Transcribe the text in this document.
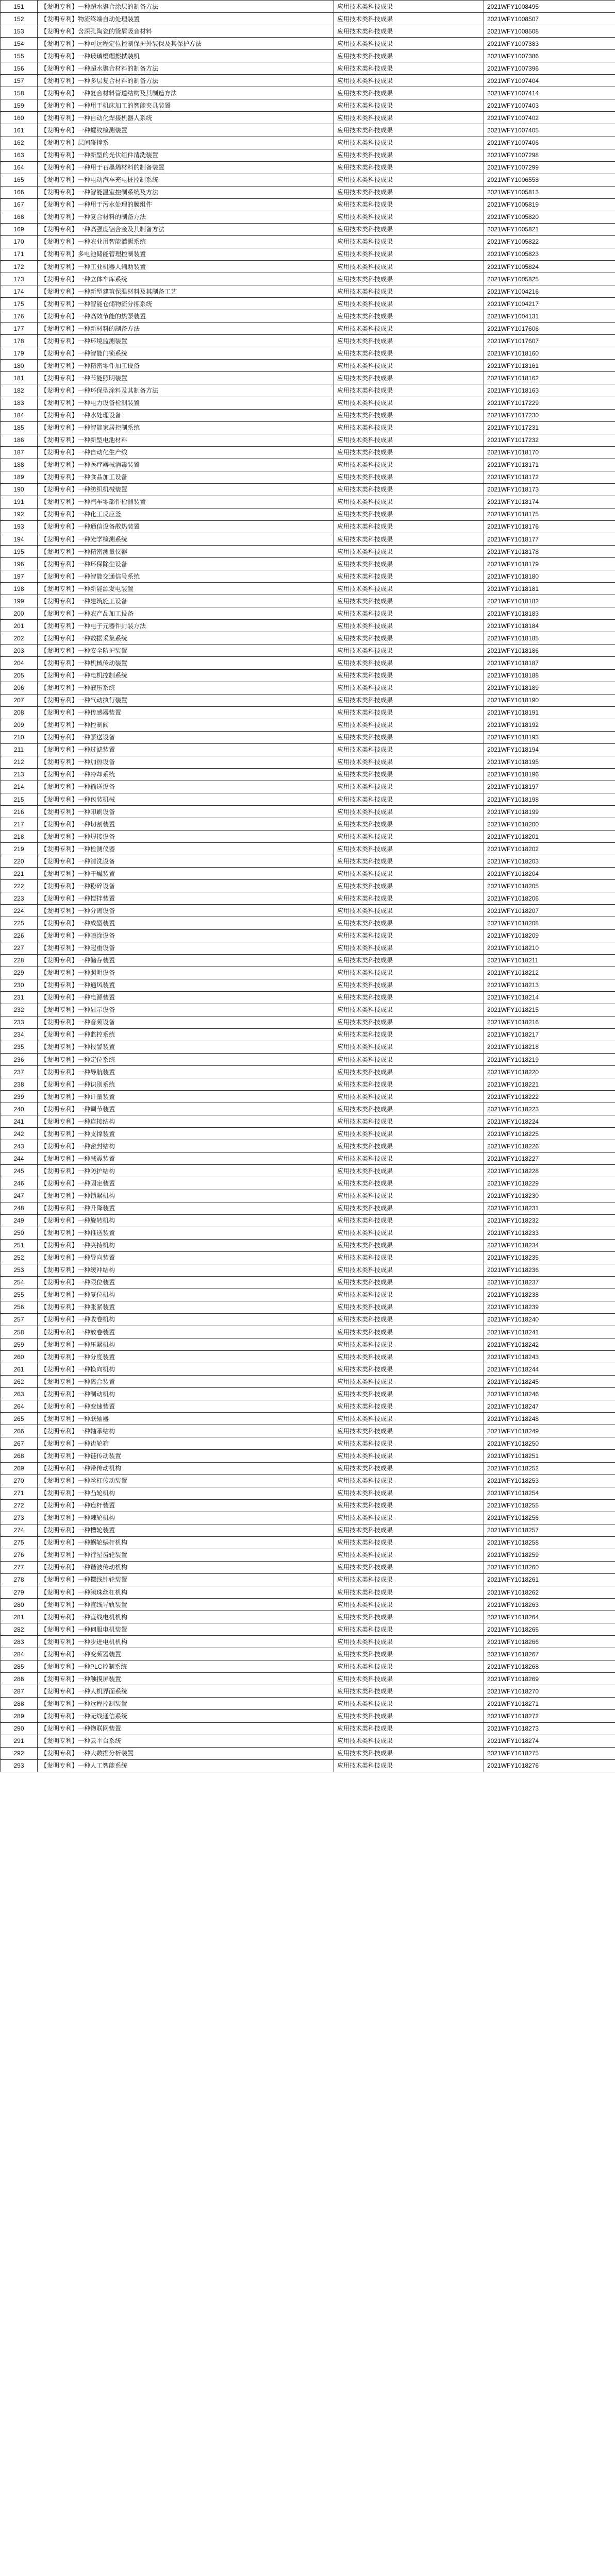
151	【发明专利】一种超水聚合涂层的制备方法	应用技术类科技成果	2021WFY1008495
152	【发明专利】物流终端自动处理装置	应用技术类科技成果	2021WFY1008507
153	【发明专利】含深孔陶瓷的烫屑吸音材料	应用技术类科技成果	2021WFY1008508
154	【发明专利】一种可远程定位控制保护外装保及其保护方法	应用技术类科技成果	2021WFY1007383
155	【发明专利】一种玻璃樱帽擦拭装机	应用技术类科技成果	2021WFY1007386
156	【发明专利】一种超水聚合材料的制备方法	应用技术类科技成果	2021WFY1007396
157	【发明专利】一种多层复合材料的制备方法	应用技术类科技成果	2021WFY1007404
158	【发明专利】一种复合材料管道结构及其制造方法	应用技术类科技成果	2021WFY1007414
159	【发明专利】一种用于机床加工的智能夹具装置	应用技术类科技成果	2021WFY1007403
160	【发明专利】一种自动化焊接机器人系统	应用技术类科技成果	2021WFY1007402
161	【发明专利】一种螺纹检测装置	应用技术类科技成果	2021WFY1007405
162	【发明专利】层间碰撞系	应用技术类科技成果	2021WFY1007406
163	【发明专利】一种新型的光伏组件清洗装置	应用技术类科技成果	2021WFY1007298
164	【发明专利】一种用于石墨烯材料的制备装置	应用技术类科技成果	2021WFY1007299
165	【发明专利】一种电动汽车充电桩控制系统	应用技术类科技成果	2021WFY1006558
166	【发明专利】一种智能温室控制系统及方法	应用技术类科技成果	2021WFY1005813
167	【发明专利】一种用于污水处理的膜组件	应用技术类科技成果	2021WFY1005819
168	【发明专利】一种复合材料的制备方法	应用技术类科技成果	2021WFY1005820
169	【发明专利】一种高强度铝合金及其制备方法	应用技术类科技成果	2021WFY1005821
170	【发明专利】一种农业用智能灌溉系统	应用技术类科技成果	2021WFY1005822
171	【发明专利】多电池储能管理控制装置	应用技术类科技成果	2021WFY1005823
172	【发明专利】一种工业机器人辅助装置	应用技术类科技成果	2021WFY1005824
173	【发明专利】一种立体车库系统	应用技术类科技成果	2021WFY1005825
174	【发明专利】一种新型建筑保温材料及其制备工艺	应用技术类科技成果	2021WFY1004216
175	【发明专利】一种智能仓储物流分拣系统	应用技术类科技成果	2021WFY1004217
176	【发明专利】一种高效节能的热泵装置	应用技术类科技成果	2021WFY1004131
177	【发明专利】一种新材料的制备方法	应用技术类科技成果	2021WFY1017606
178	【发明专利】一种环境监测装置	应用技术类科技成果	2021WFY1017607
179	【发明专利】一种智能门锁系统	应用技术类科技成果	2021WFY1018160
180	【发明专利】一种精密零件加工设备	应用技术类科技成果	2021WFY1018161
181	【发明专利】一种节能照明装置	应用技术类科技成果	2021WFY1018162
182	【发明专利】一种环保型涂料及其制备方法	应用技术类科技成果	2021WFY1018163
183	【发明专利】一种电力设备检测装置	应用技术类科技成果	2021WFY1017229
184	【发明专利】一种水处理设备	应用技术类科技成果	2021WFY1017230
185	【发明专利】一种智能家居控制系统	应用技术类科技成果	2021WFY1017231
186	【发明专利】一种新型电池材料	应用技术类科技成果	2021WFY1017232
187	【发明专利】一种自动化生产线	应用技术类科技成果	2021WFY1018170
188	【发明专利】一种医疗器械消毒装置	应用技术类科技成果	2021WFY1018171
189	【发明专利】一种食品加工设备	应用技术类科技成果	2021WFY1018172
190	【发明专利】一种纺织机械装置	应用技术类科技成果	2021WFY1018173
191	【发明专利】一种汽车零部件检测装置	应用技术类科技成果	2021WFY1018174
192	【发明专利】一种化工反应釜	应用技术类科技成果	2021WFY1018175
193	【发明专利】一种通信设备散热装置	应用技术类科技成果	2021WFY1018176
194	【发明专利】一种光学检测系统	应用技术类科技成果	2021WFY1018177
195	【发明专利】一种精密测量仪器	应用技术类科技成果	2021WFY1018178
196	【发明专利】一种环保除尘设备	应用技术类科技成果	2021WFY1018179
197	【发明专利】一种智能交通信号系统	应用技术类科技成果	2021WFY1018180
198	【发明专利】一种新能源发电装置	应用技术类科技成果	2021WFY1018181
199	【发明专利】一种建筑施工设备	应用技术类科技成果	2021WFY1018182
200	【发明专利】一种农产品加工设备	应用技术类科技成果	2021WFY1018183
201	【发明专利】一种电子元器件封装方法	应用技术类科技成果	2021WFY1018184
202	【发明专利】一种数据采集系统	应用技术类科技成果	2021WFY1018185
203	【发明专利】一种安全防护装置	应用技术类科技成果	2021WFY1018186
204	【发明专利】一种机械传动装置	应用技术类科技成果	2021WFY1018187
205	【发明专利】一种电机控制系统	应用技术类科技成果	2021WFY1018188
206	【发明专利】一种液压系统	应用技术类科技成果	2021WFY1018189
207	【发明专利】一种气动执行装置	应用技术类科技成果	2021WFY1018190
208	【发明专利】一种传感器装置	应用技术类科技成果	2021WFY1018191
209	【发明专利】一种控制阀	应用技术类科技成果	2021WFY1018192
210	【发明专利】一种泵送设备	应用技术类科技成果	2021WFY1018193
211	【发明专利】一种过滤装置	应用技术类科技成果	2021WFY1018194
212	【发明专利】一种加热设备	应用技术类科技成果	2021WFY1018195
213	【发明专利】一种冷却系统	应用技术类科技成果	2021WFY1018196
214	【发明专利】一种输送设备	应用技术类科技成果	2021WFY1018197
215	【发明专利】一种包装机械	应用技术类科技成果	2021WFY1018198
216	【发明专利】一种印刷设备	应用技术类科技成果	2021WFY1018199
217	【发明专利】一种切割装置	应用技术类科技成果	2021WFY1018200
218	【发明专利】一种焊接设备	应用技术类科技成果	2021WFY1018201
219	【发明专利】一种检测仪器	应用技术类科技成果	2021WFY1018202
220	【发明专利】一种清洗设备	应用技术类科技成果	2021WFY1018203
221	【发明专利】一种干燥装置	应用技术类科技成果	2021WFY1018204
222	【发明专利】一种粉碎设备	应用技术类科技成果	2021WFY1018205
223	【发明专利】一种搅拌装置	应用技术类科技成果	2021WFY1018206
224	【发明专利】一种分离设备	应用技术类科技成果	2021WFY1018207
225	【发明专利】一种成型装置	应用技术类科技成果	2021WFY1018208
226	【发明专利】一种喷涂设备	应用技术类科技成果	2021WFY1018209
227	【发明专利】一种起重设备	应用技术类科技成果	2021WFY1018210
228	【发明专利】一种储存装置	应用技术类科技成果	2021WFY1018211
229	【发明专利】一种照明设备	应用技术类科技成果	2021WFY1018212
230	【发明专利】一种通风装置	应用技术类科技成果	2021WFY1018213
231	【发明专利】一种电源装置	应用技术类科技成果	2021WFY1018214
232	【发明专利】一种显示设备	应用技术类科技成果	2021WFY1018215
233	【发明专利】一种音频设备	应用技术类科技成果	2021WFY1018216
234	【发明专利】一种监控系统	应用技术类科技成果	2021WFY1018217
235	【发明专利】一种报警装置	应用技术类科技成果	2021WFY1018218
236	【发明专利】一种定位系统	应用技术类科技成果	2021WFY1018219
237	【发明专利】一种导航装置	应用技术类科技成果	2021WFY1018220
238	【发明专利】一种识别系统	应用技术类科技成果	2021WFY1018221
239	【发明专利】一种计量装置	应用技术类科技成果	2021WFY1018222
240	【发明专利】一种调节装置	应用技术类科技成果	2021WFY1018223
241	【发明专利】一种连接结构	应用技术类科技成果	2021WFY1018224
242	【发明专利】一种支撑装置	应用技术类科技成果	2021WFY1018225
243	【发明专利】一种密封结构	应用技术类科技成果	2021WFY1018226
244	【发明专利】一种减震装置	应用技术类科技成果	2021WFY1018227
245	【发明专利】一种防护结构	应用技术类科技成果	2021WFY1018228
246	【发明专利】一种固定装置	应用技术类科技成果	2021WFY1018229
247	【发明专利】一种锁紧机构	应用技术类科技成果	2021WFY1018230
248	【发明专利】一种升降装置	应用技术类科技成果	2021WFY1018231
249	【发明专利】一种旋转机构	应用技术类科技成果	2021WFY1018232
250	【发明专利】一种推送装置	应用技术类科技成果	2021WFY1018233
251	【发明专利】一种夹持机构	应用技术类科技成果	2021WFY1018234
252	【发明专利】一种导向装置	应用技术类科技成果	2021WFY1018235
253	【发明专利】一种缓冲结构	应用技术类科技成果	2021WFY1018236
254	【发明专利】一种限位装置	应用技术类科技成果	2021WFY1018237
255	【发明专利】一种复位机构	应用技术类科技成果	2021WFY1018238
256	【发明专利】一种张紧装置	应用技术类科技成果	2021WFY1018239
257	【发明专利】一种收卷机构	应用技术类科技成果	2021WFY1018240
258	【发明专利】一种放卷装置	应用技术类科技成果	2021WFY1018241
259	【发明专利】一种压紧机构	应用技术类科技成果	2021WFY1018242
260	【发明专利】一种分度装置	应用技术类科技成果	2021WFY1018243
261	【发明专利】一种换向机构	应用技术类科技成果	2021WFY1018244
262	【发明专利】一种离合装置	应用技术类科技成果	2021WFY1018245
263	【发明专利】一种制动机构	应用技术类科技成果	2021WFY1018246
264	【发明专利】一种变速装置	应用技术类科技成果	2021WFY1018247
265	【发明专利】一种联轴器	应用技术类科技成果	2021WFY1018248
266	【发明专利】一种轴承结构	应用技术类科技成果	2021WFY1018249
267	【发明专利】一种齿轮箱	应用技术类科技成果	2021WFY1018250
268	【发明专利】一种链传动装置	应用技术类科技成果	2021WFY1018251
269	【发明专利】一种带传动机构	应用技术类科技成果	2021WFY1018252
270	【发明专利】一种丝杠传动装置	应用技术类科技成果	2021WFY1018253
271	【发明专利】一种凸轮机构	应用技术类科技成果	2021WFY1018254
272	【发明专利】一种连杆装置	应用技术类科技成果	2021WFY1018255
273	【发明专利】一种棘轮机构	应用技术类科技成果	2021WFY1018256
274	【发明专利】一种槽轮装置	应用技术类科技成果	2021WFY1018257
275	【发明专利】一种蜗轮蜗杆机构	应用技术类科技成果	2021WFY1018258
276	【发明专利】一种行星齿轮装置	应用技术类科技成果	2021WFY1018259
277	【发明专利】一种谐波传动机构	应用技术类科技成果	2021WFY1018260
278	【发明专利】一种摆线针轮装置	应用技术类科技成果	2021WFY1018261
279	【发明专利】一种滚珠丝杠机构	应用技术类科技成果	2021WFY1018262
280	【发明专利】一种直线导轨装置	应用技术类科技成果	2021WFY1018263
281	【发明专利】一种直线电机机构	应用技术类科技成果	2021WFY1018264
282	【发明专利】一种伺服电机装置	应用技术类科技成果	2021WFY1018265
283	【发明专利】一种步进电机机构	应用技术类科技成果	2021WFY1018266
284	【发明专利】一种变频器装置	应用技术类科技成果	2021WFY1018267
285	【发明专利】一种PLC控制系统	应用技术类科技成果	2021WFY1018268
286	【发明专利】一种触摸屏装置	应用技术类科技成果	2021WFY1018269
287	【发明专利】一种人机界面系统	应用技术类科技成果	2021WFY1018270
288	【发明专利】一种远程控制装置	应用技术类科技成果	2021WFY1018271
289	【发明专利】一种无线通信系统	应用技术类科技成果	2021WFY1018272
290	【发明专利】一种物联网装置	应用技术类科技成果	2021WFY1018273
291	【发明专利】一种云平台系统	应用技术类科技成果	2021WFY1018274
292	【发明专利】一种大数据分析装置	应用技术类科技成果	2021WFY1018275
293	【发明专利】一种人工智能系统	应用技术类科技成果	2021WFY1018276
